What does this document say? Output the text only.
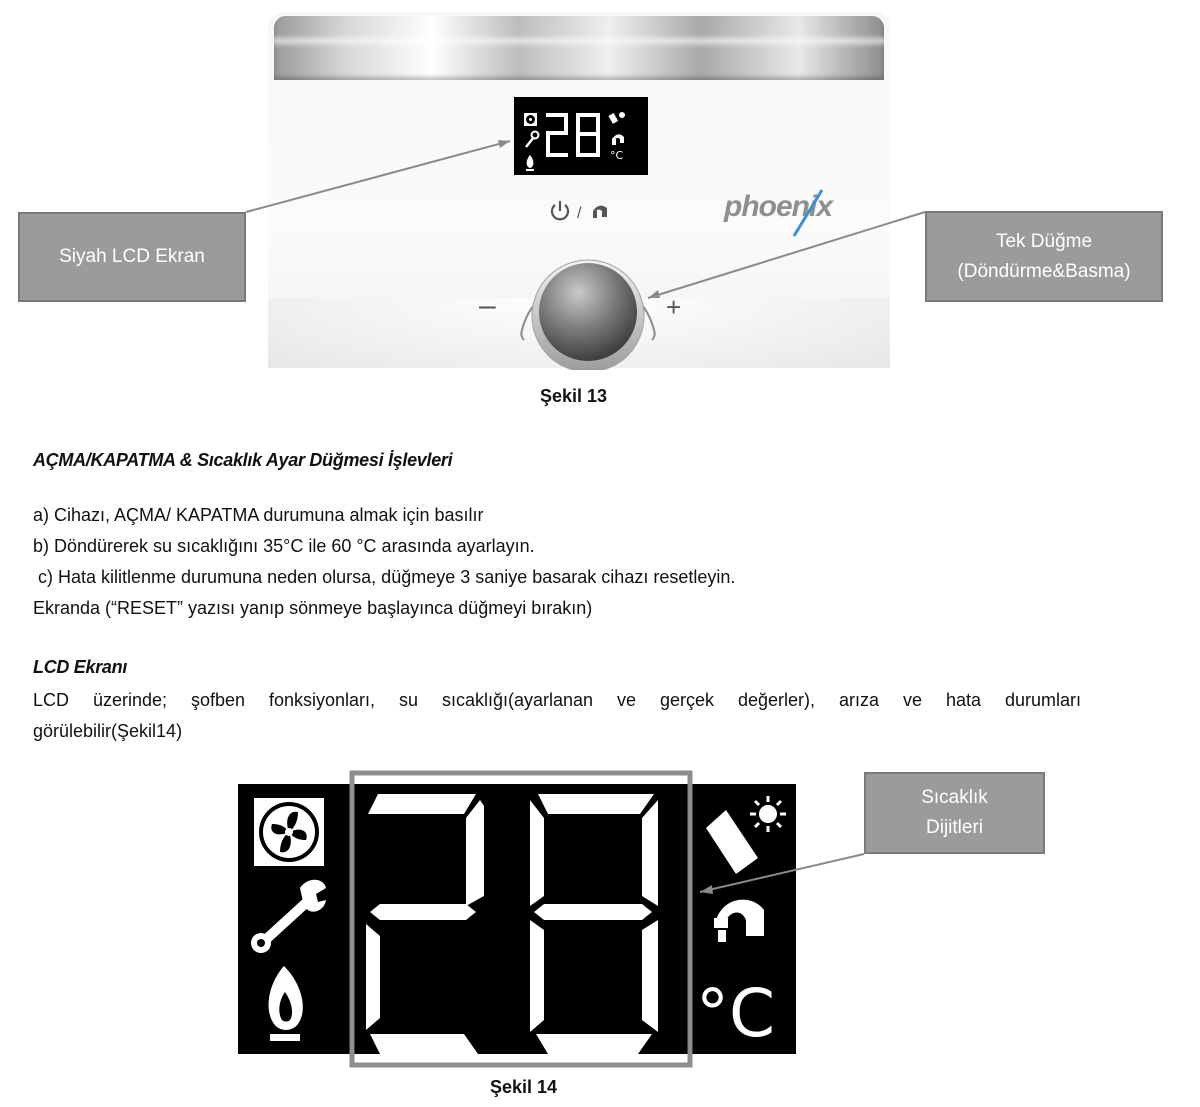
°C
/	phoenix
–	+
Siyah LCD Ekran
Tek Düğme
(Döndürme&Basma)
Şekil 13
AÇMA/KAPATMA & Sıcaklık Ayar Düğmesi İşlevleri
a) Cihazı, AÇMA/ KAPATMA durumuna almak için basılır
b) Döndürerek su sıcaklığını 35°C ile 60 °C arasında ayarlayın.
c) Hata kilitlenme durumuna neden olursa, düğmeye 3 saniye basarak cihazı resetleyin.
Ekranda (“RESET” yazısı yanıp sönmeye başlayınca düğmeyi bırakın)
LCD Ekranı
LCD üzerinde; şofben fonksiyonları, su sıcaklığı(ayarlanan ve gerçek değerler), arıza ve hata durumları
görülebilir(Şekil14)
°C
Sıcaklık
Dijitleri
Şekil 14
